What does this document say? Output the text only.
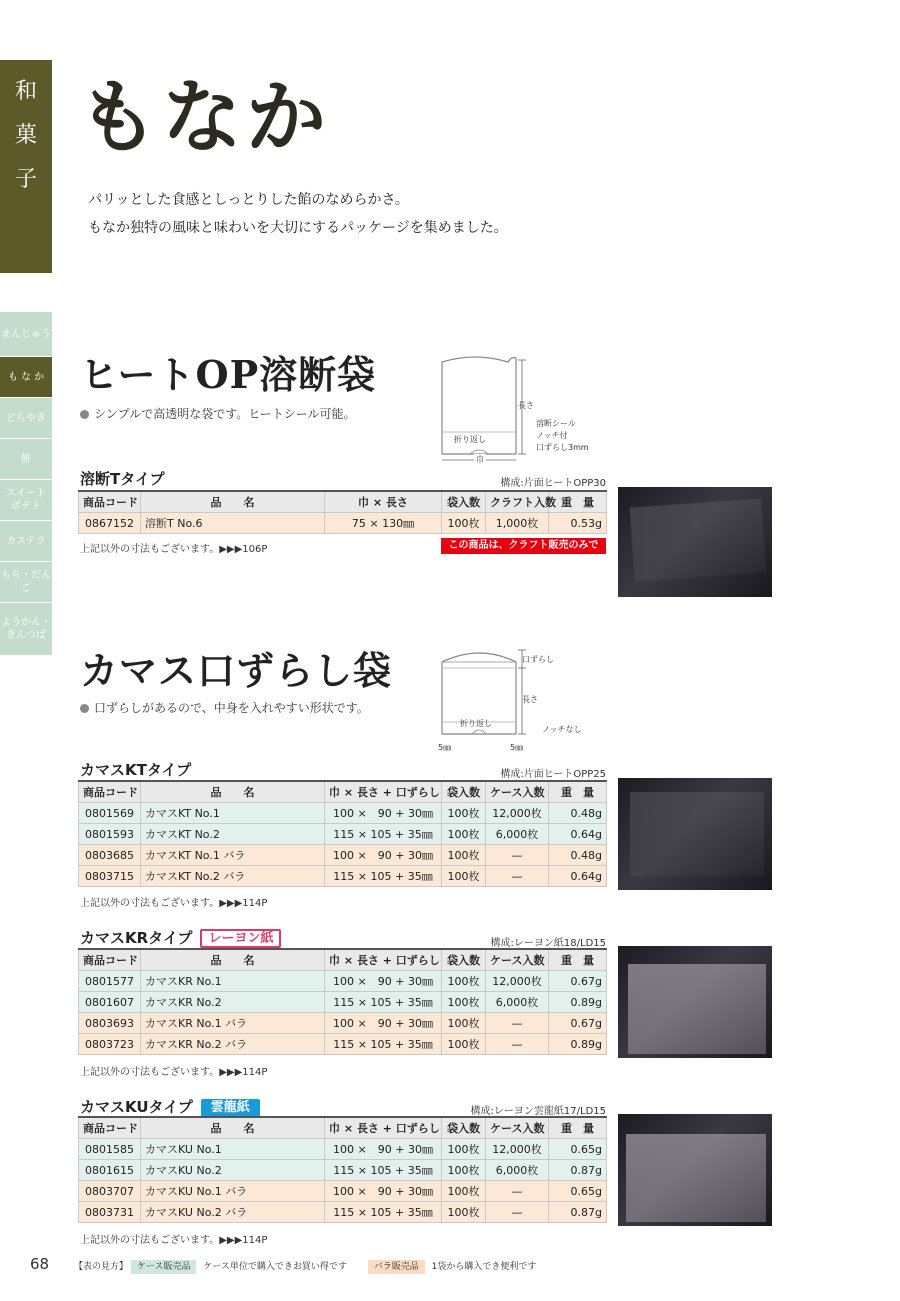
和
菓
子
まんじゅう
も な か
どらやき
餅
スイート
ポテト
カステラ
もち・だんご
ようかん・
きんつば
もなか
パリッとした食感としっとりした餡のなめらかさ。
もなか独特の風味と味わいを大切にするパッケージを集めました。
ヒートOP溶断袋
シンプルで高透明な袋です。ヒートシール可能。
長さ
溶断シール
ノッチ付
口ずらし3mm
折り返し
巾
溶断Tタイプ	構成:片面ヒートOPP30
商品コード	品　　名	巾 × 長さ	袋入数	クラフト入数	重　量
0867152	溶断T No.6	75 × 130㎜	100枚	1,000枚	0.53g
上記以外の寸法もございます。▶▶▶106P	この商品は、クラフト販売のみです。
カマス口ずらし袋
口ずらしがあるので、中身を入れやすい形状です。
口ずらし
長さ
折り返し
ノッチなし
5㎜	5㎜
カマスKTタイプ	構成:片面ヒートOPP25
商品コード	品　　名	巾 × 長さ + 口ずらし	袋入数	ケース入数	重　量
0801569	カマスKT No.1	100 ×　90 + 30㎜	100枚	12,000枚	0.48g
0801593	カマスKT No.2	115 × 105 + 35㎜	100枚	6,000枚	0.64g
0803685	カマスKT No.1 バラ	100 ×　90 + 30㎜	100枚	—	0.48g
0803715	カマスKT No.2 バラ	115 × 105 + 35㎜	100枚	—	0.64g
上記以外の寸法もございます。▶▶▶114P
カマスKRタイプ レーヨン紙	構成:レーヨン紙18/LD15
商品コード	品　　名	巾 × 長さ + 口ずらし	袋入数	ケース入数	重　量
0801577	カマスKR No.1	100 ×　90 + 30㎜	100枚	12,000枚	0.67g
0801607	カマスKR No.2	115 × 105 + 35㎜	100枚	6,000枚	0.89g
0803693	カマスKR No.1 バラ	100 ×　90 + 30㎜	100枚	—	0.67g
0803723	カマスKR No.2 バラ	115 × 105 + 35㎜	100枚	—	0.89g
上記以外の寸法もございます。▶▶▶114P
カマスKUタイプ 雲龍紙	構成:レーヨン雲龍紙17/LD15
商品コード	品　　名	巾 × 長さ + 口ずらし	袋入数	ケース入数	重　量
0801585	カマスKU No.1	100 ×　90 + 30㎜	100枚	12,000枚	0.65g
0801615	カマスKU No.2	115 × 105 + 35㎜	100枚	6,000枚	0.87g
0803707	カマスKU No.1 バラ	100 ×　90 + 30㎜	100枚	—	0.65g
0803731	カマスKU No.2 バラ	115 × 105 + 35㎜	100枚	—	0.87g
上記以外の寸法もございます。▶▶▶114P
68	【表の見方】 ケース販売品 ケース単位で購入できお買い得です	バラ販売品 1袋から購入でき便利です
